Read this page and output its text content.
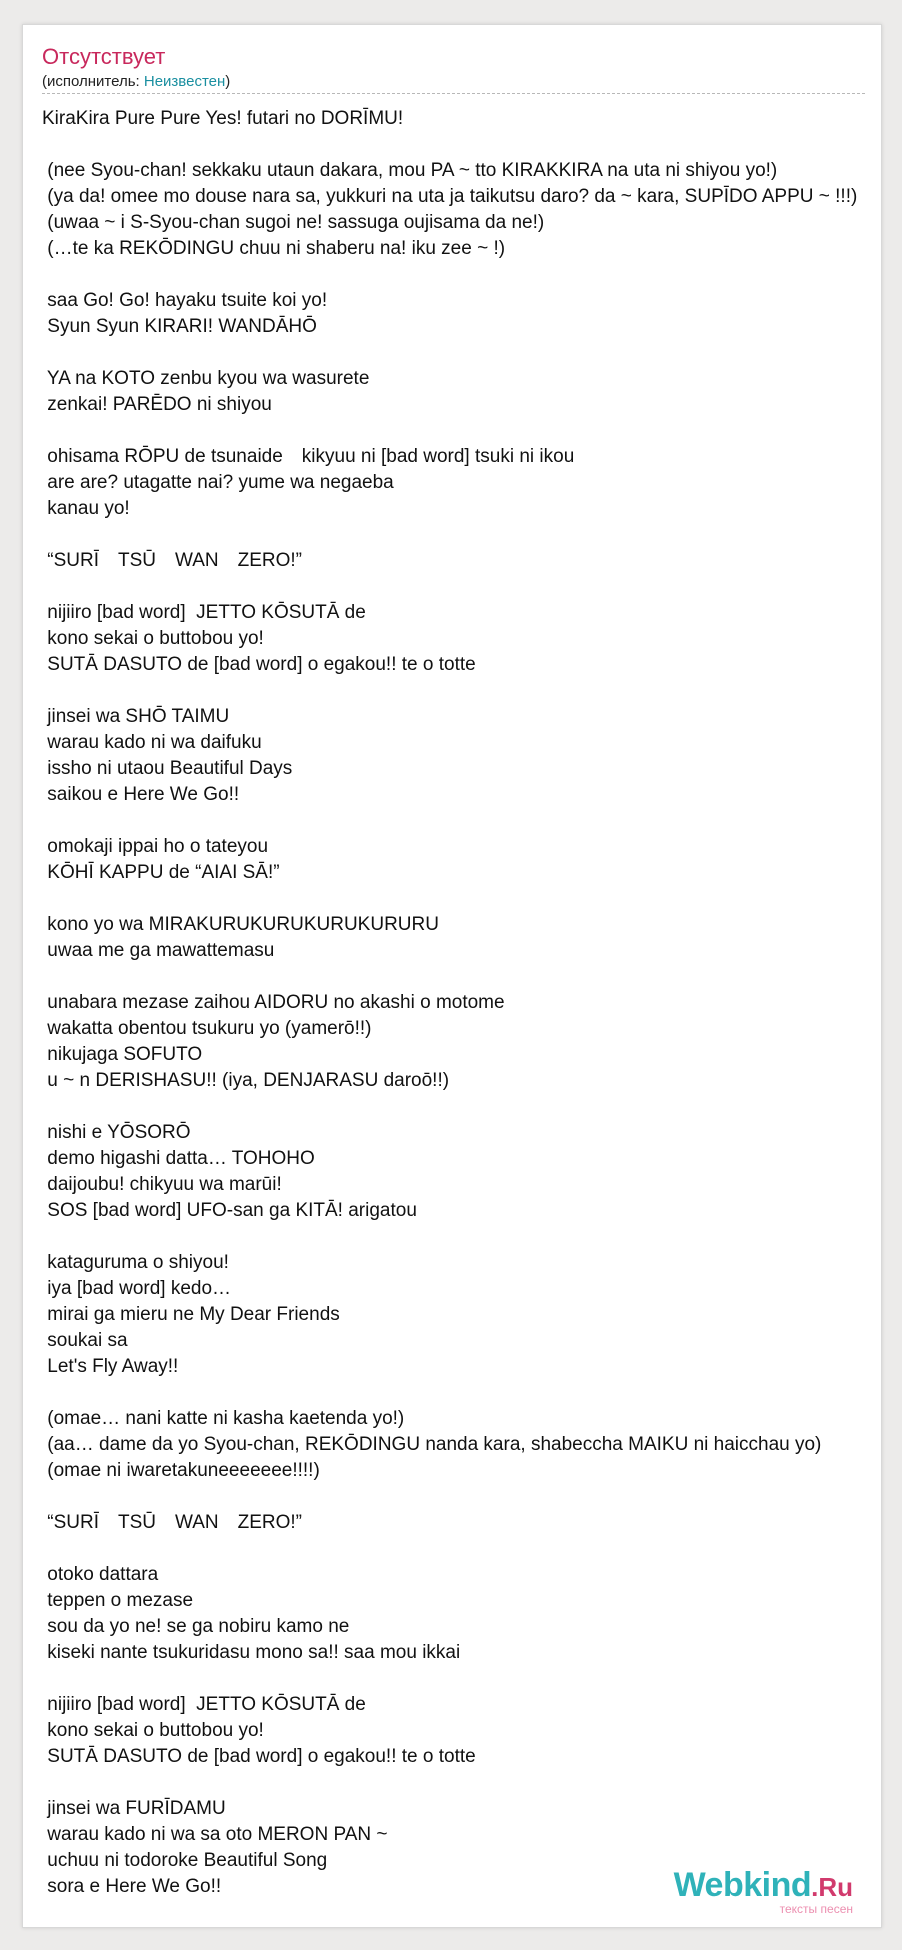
Отсутствует
(исполнитель: Неизвестен)
KiraKira Pure Pure Yes! futari no DORĪMU!
(nee Syou-chan! sekkaku utaun dakara, mou PA ~ tto KIRAKKIRA na uta ni shiyou yo!)
(ya da! omee mo douse nara sa, yukkuri na uta ja taikutsu daro? da ~ kara, SUPĪDO APPU ~ !!!)
(uwaa ~ i S-Syou-chan sugoi ne! sassuga oujisama da ne!)
(…te ka REKŌDINGU chuu ni shaberu na! iku zee ~ !)
saa Go! Go! hayaku tsuite koi yo!
Syun Syun KIRARI! WANDĀHŌ
YA na KOTO zenbu kyou wa wasurete
zenkai! PARĒDO ni shiyou
ohisama RŌPU de tsunaide　kikyuu ni [bad word] tsuki ni ikou
are are? utagatte nai? yume wa negaeba
kanau yo!
“SURĪ　TSŪ　WAN　ZERO!”
nijiiro [bad word]  JETTO KŌSUTĀ de
kono sekai o buttobou yo!
SUTĀ DASUTO de [bad word] o egakou!! te o totte
jinsei wa SHŌ TAIMU
warau kado ni wa daifuku
issho ni utaou Beautiful Days
saikou e Here We Go!!
omokaji ippai ho o tateyou
KŌHĪ KAPPU de “AIAI SĀ!”
kono yo wa MIRAKURUKURUKURUKURURU
uwaa me ga mawattemasu
unabara mezase zaihou AIDORU no akashi o motome
wakatta obentou tsukuru yo (yamerō!!)
nikujaga SOFUTO
u ~ n DERISHASU!! (iya, DENJARASU daroō!!)
nishi e YŌSORŌ
demo higashi datta… TOHOHO
daijoubu! chikyuu wa marūi!
SOS [bad word] UFO-san ga KITĀ! arigatou
kataguruma o shiyou!
iya [bad word] kedo…
mirai ga mieru ne My Dear Friends
soukai sa
Let's Fly Away!!
(omae… nani katte ni kasha kaetenda yo!)
(aa… dame da yo Syou-chan, REKŌDINGU nanda kara, shabeccha MAIKU ni haicchau yo)
(omae ni iwaretakuneeeeeee!!!!)
“SURĪ　TSŪ　WAN　ZERO!”
otoko dattara
teppen o mezase
sou da yo ne! se ga nobiru kamo ne
kiseki nante tsukuridasu mono sa!! saa mou ikkai
nijiiro [bad word]  JETTO KŌSUTĀ de
kono sekai o buttobou yo!
SUTĀ DASUTO de [bad word] o egakou!! te o totte
jinsei wa FURĪDAMU
warau kado ni wa sa oto MERON PAN ~
uchuu ni todoroke Beautiful Song
sora e Here We Go!!	Webkind.Ru
тексты песен
